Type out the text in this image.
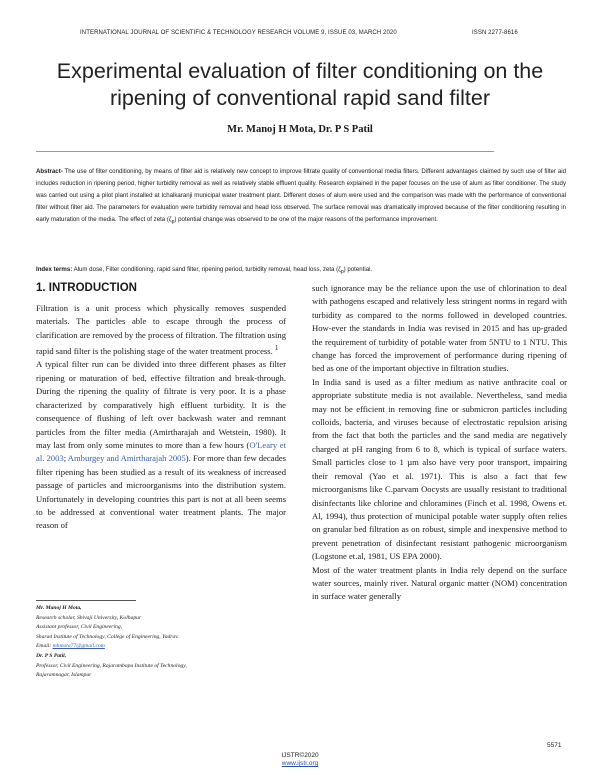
INTERNATIONAL JOURNAL OF SCIENTIFIC & TECHNOLOGY RESEARCH VOLUME 9, ISSUE 03, MARCH 2020	ISSN 2277-8616
Experimental evaluation of filter conditioning on the ripening of conventional rapid sand filter
Mr. Manoj H Mota, Dr. P S Patil

Abstract- The use of filter conditioning, by means of filter aid is relatively new concept to improve filtrate quality of conventional media filters. Different advantages claimed by such use of filter aid includes reduction in ripening period, higher turbidity removal as well as relatively stable effluent quality. Research explained in the paper focuses on the use of alum as filter conditioner. The study was carried out using a pilot plant installed at Ichalkaranji municipal water treatment plant. Different doses of alum were used and the comparison was made with the performance of conventional filter without filter aid. The parameters for evaluation were turbidity removal and head loss observed. The surface removal was dramatically improved because of the filter conditioning resulting in early maturation of the media. The effect of zeta $(\zeta_p)$ potential change was observed to be one of the major reasons of the performance improvement.

Index terms: Alum dose, Filter conditioning, rapid sand filter, ripening period, turbidity removal, head loss, zeta $(\zeta_p)$ potential.

1. INTRODUCTION

Filtration is a unit process which physically removes suspended materials. The particles able to escape through the process of clarification are removed by the process of filtration. The filtration using rapid sand filter is the polishing stage of the water treatment process. $^1$

A typical filter run can be divided into three different phases as filter ripening or maturation of bed, effective filtration and break-through. During the ripening the quality of filtrate is very poor. It is a phase characterized by comparatively high effluent turbidity. It is the consequence of flushing of left over backwash water and remnant particles from the filter media (Amirtharajah and Wetstein, 1980). It may last from only some minutes to more than a few hours (O'Leary et al. 2003; Amburgey and Amirtharajah 2005). For more than few decades filter ripening has been studied as a result of its weakness of increased passage of particles and microorganisms into the distribution system. Unfortunately in developing countries this part is not at all been seems to be addressed at conventional water treatment plants. The major reason of

Mr. Manoj H Mota,
Research scholar, Shivaji University, Kolhapur
Assistant professor, Civil Engineering,
Sharad Institute of Technology, College of Engineering, Yadrav.
Email: mhmota77@gmail.com
Dr. P S Patil,
Professor, Civil Engineering, Rajarambapu Institute of Technology,
Rajaramnagar, Islampur

such ignorance may be the reliance upon the use of chlorination to deal with pathogens escaped and relatively less stringent norms in regard with turbidity as compared to the norms followed in developed countries. How-ever the standards in India was revised in 2015 and has up-graded the requirement of turbidity of potable water from 5NTU to 1 NTU. This change has forced the improvement of performance during ripening of bed as one of the important objective in filtration studies.

In India sand is used as a filter medium as native anthracite coal or appropriate substitute media is not available. Nevertheless, sand media may not be efficient in removing fine or submicron particles including colloids, bacteria, and viruses because of electrostatic repulsion arising from the fact that both the particles and the sand media are negatively charged at pH ranging from 6 to 8, which is typical of surface waters. Small particles close to 1 µm also have very poor transport, impairing their removal (Yao et al. 1971). This is also a fact that few microorganisms like C.parvam Oocysts are usually resistant to traditional disinfectants like chlorine and chloramines (Finch et al. 1998, Owens et. Al, 1994), thus protection of municipal potable water supply often relies on granular bed filtration as on robust, simple and inexpensive method to prevent penetration of disinfectant resistant pathogenic microorganism (Logstone et.al, 1981, US EPA 2000).

Most of the water treatment plants in India rely depend on the surface water sources, mainly river. Natural organic matter (NOM) concentration in surface water generally

5571
IJSTR©2020
www.ijstr.org
